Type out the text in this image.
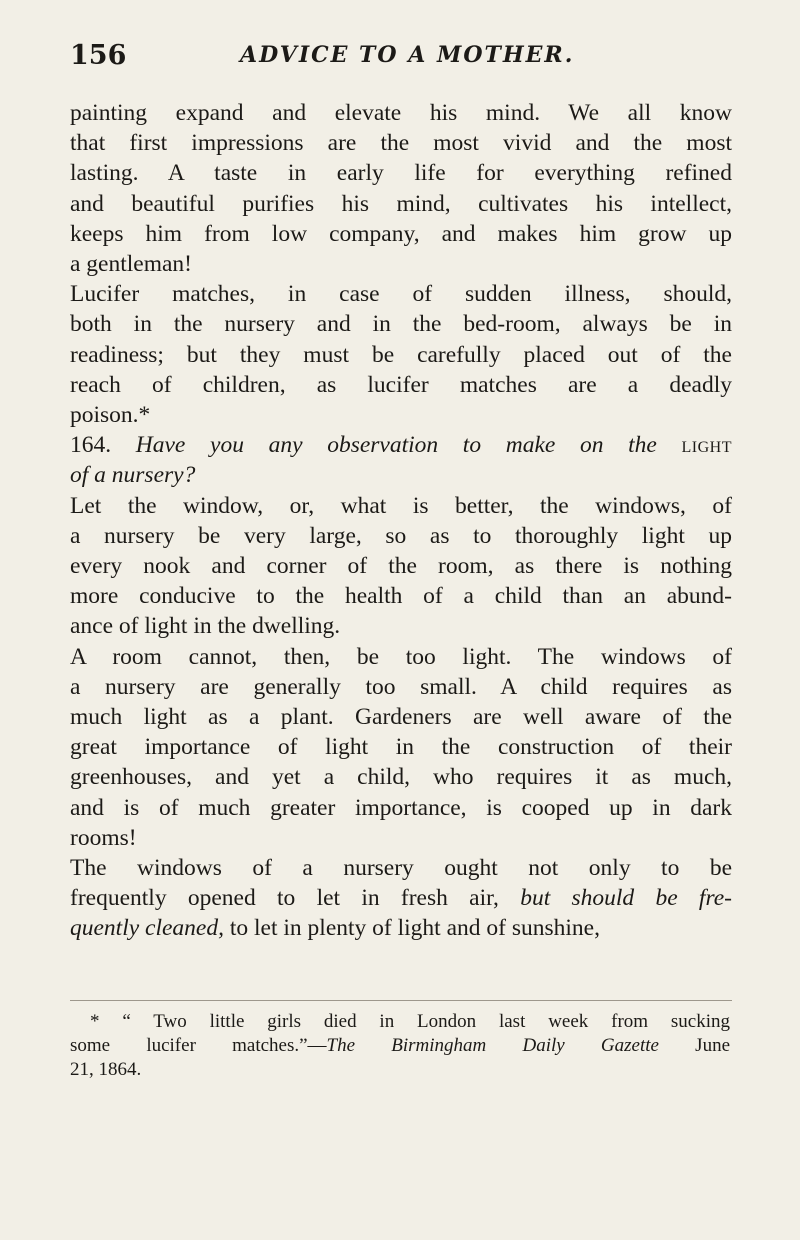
156	ADVICE TO A MOTHER.

painting expand and elevate his mind. We all know
that first impressions are the most vivid and the most
lasting. A taste in early life for everything refined
and beautiful purifies his mind, cultivates his intellect,
keeps him from low company, and makes him grow up
a gentleman!

Lucifer matches, in case of sudden illness, should,
both in the nursery and in the bed-room, always be in
readiness; but they must be carefully placed out of the
reach of children, as lucifer matches are a deadly
poison.*

164. Have you any observation to make on the light
of a nursery?

Let the window, or, what is better, the windows, of
a nursery be very large, so as to thoroughly light up
every nook and corner of the room, as there is nothing
more conducive to the health of a child than an abund-
ance of light in the dwelling.

A room cannot, then, be too light. The windows of
a nursery are generally too small. A child requires as
much light as a plant. Gardeners are well aware of the
great importance of light in the construction of their
greenhouses, and yet a child, who requires it as much,
and is of much greater importance, is cooped up in dark
rooms!

The windows of a nursery ought not only to be
frequently opened to let in fresh air, but should be fre-
quently cleaned, to let in plenty of light and of sunshine,

* “ Two little girls died in London last week from sucking
some lucifer matches.”—The Birmingham Daily Gazette June
21, 1864.
